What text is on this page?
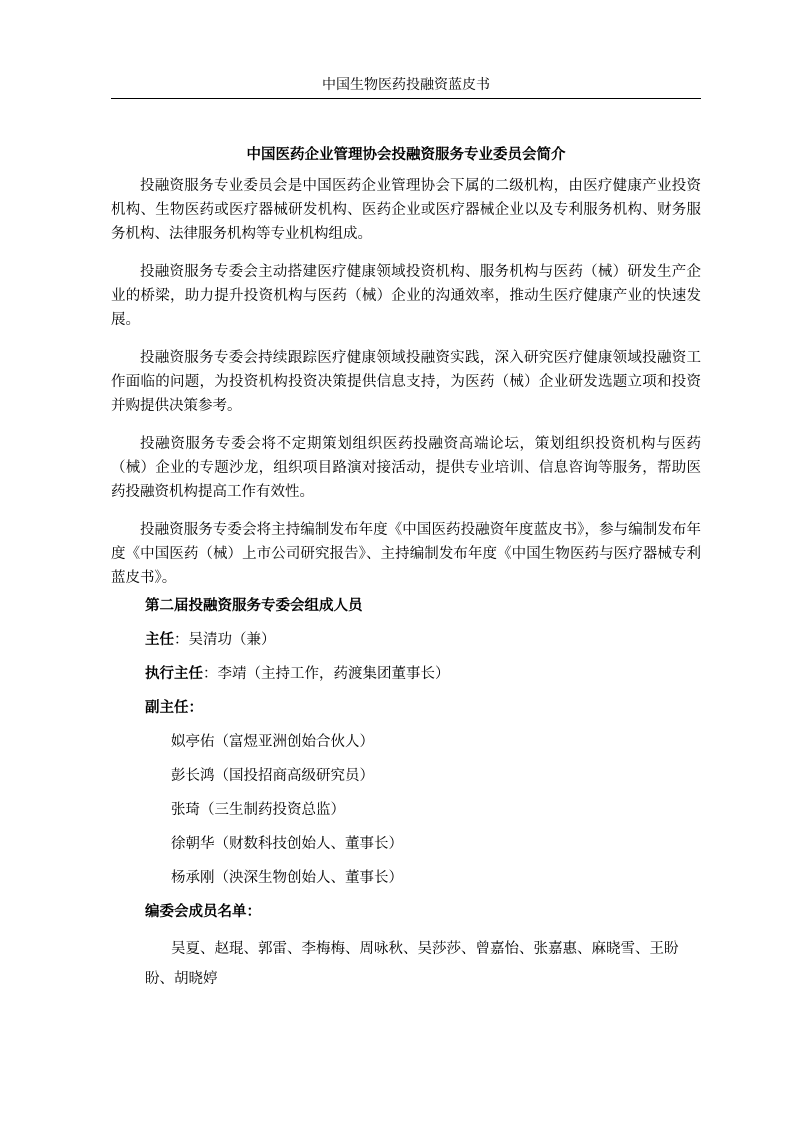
中国生物医药投融资蓝皮书
中国医药企业管理协会投融资服务专业委员会简介

投融资服务专业委员会是中国医药企业管理协会下属的二级机构，由医疗健康产业投资机构、生物医药或医疗器械研发机构、医药企业或医疗器械企业以及专利服务机构、财务服务机构、法律服务机构等专业机构组成。

投融资服务专委会主动搭建医疗健康领域投资机构、服务机构与医药（械）研发生产企业的桥梁，助力提升投资机构与医药（械）企业的沟通效率，推动生医疗健康产业的快速发展。

投融资服务专委会持续跟踪医疗健康领域投融资实践，深入研究医疗健康领域投融资工作面临的问题，为投资机构投资决策提供信息支持，为医药（械）企业研发选题立项和投资并购提供决策参考。

投融资服务专委会将不定期策划组织医药投融资高端论坛，策划组织投资机构与医药（械）企业的专题沙龙，组织项目路演对接活动，提供专业培训、信息咨询等服务，帮助医药投融资机构提高工作有效性。

投融资服务专委会将主持编制发布年度《中国医药投融资年度蓝皮书》，参与编制发布年度《中国医药（械）上市公司研究报告》、主持编制发布年度《中国生物医药与医疗器械专利蓝皮书》。

第二届投融资服务专委会组成人员
主任：吴清功（兼）
执行主任：李靖（主持工作，药渡集团董事长）
副主任：
姒亭佑（富煜亚洲创始合伙人）
彭长鸿（国投招商高级研究员）
张琦（三生制药投资总监）
徐朝华（财数科技创始人、董事长）
杨承刚（泱深生物创始人、董事长）
编委会成员名单：

吴夏、赵琨、郭雷、李梅梅、周咏秋、吴莎莎、曾嘉怡、张嘉惠、麻晓雪、王盼盼、胡晓婷
